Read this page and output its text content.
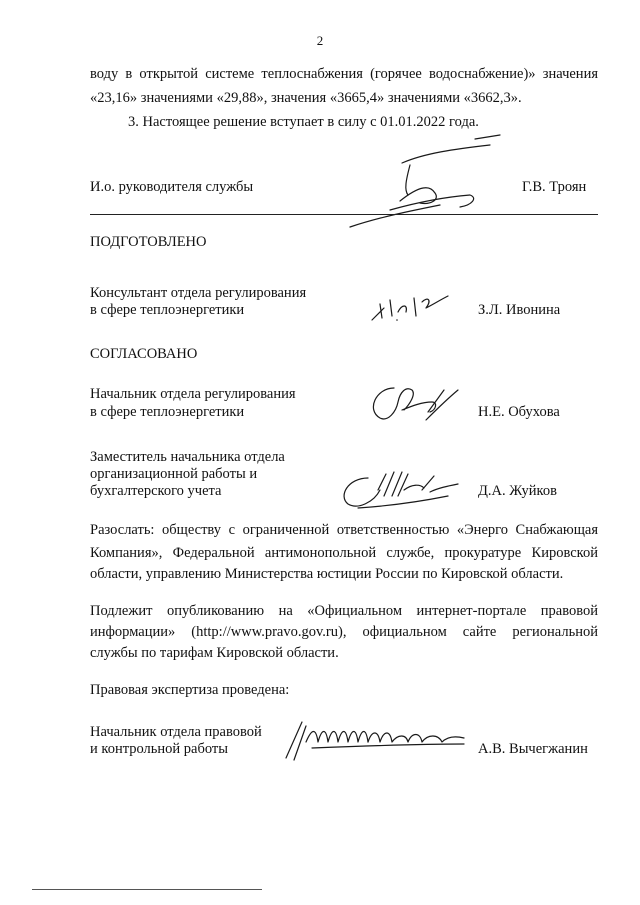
2
воду в открытой системе теплоснабжения (горячее водоснабжение)» значения
«23,16» значениями «29,88», значения «3665,4» значениями «3662,3».
3. Настоящее решение вступает в силу с 01.01.2022 года.
И.о. руководителя службы	Г.В. Троян
ПОДГОТОВЛЕНО
Консультант отдела регулирования
в сфере теплоэнергетики	З.Л. Ивонина
СОГЛАСОВАНО
Начальник отдела регулирования
в сфере теплоэнергетики	Н.Е. Обухова
Заместитель начальника отдела
организационной работы и
бухгалтерского учета	Д.А. Жуйков
Разослать: обществу с ограниченной ответственностью «Энерго Снабжающая
Компания», Федеральной антимонопольной службе, прокуратуре Кировской
области, управлению Министерства юстиции России по Кировской области.
Подлежит опубликованию на «Официальном интернет-портале правовой
информации» (http://www.pravo.gov.ru), официальном сайте региональной
службы по тарифам Кировской области.
Правовая экспертиза проведена:
Начальник отдела правовой
и контрольной работы	А.В. Вычегжанин
